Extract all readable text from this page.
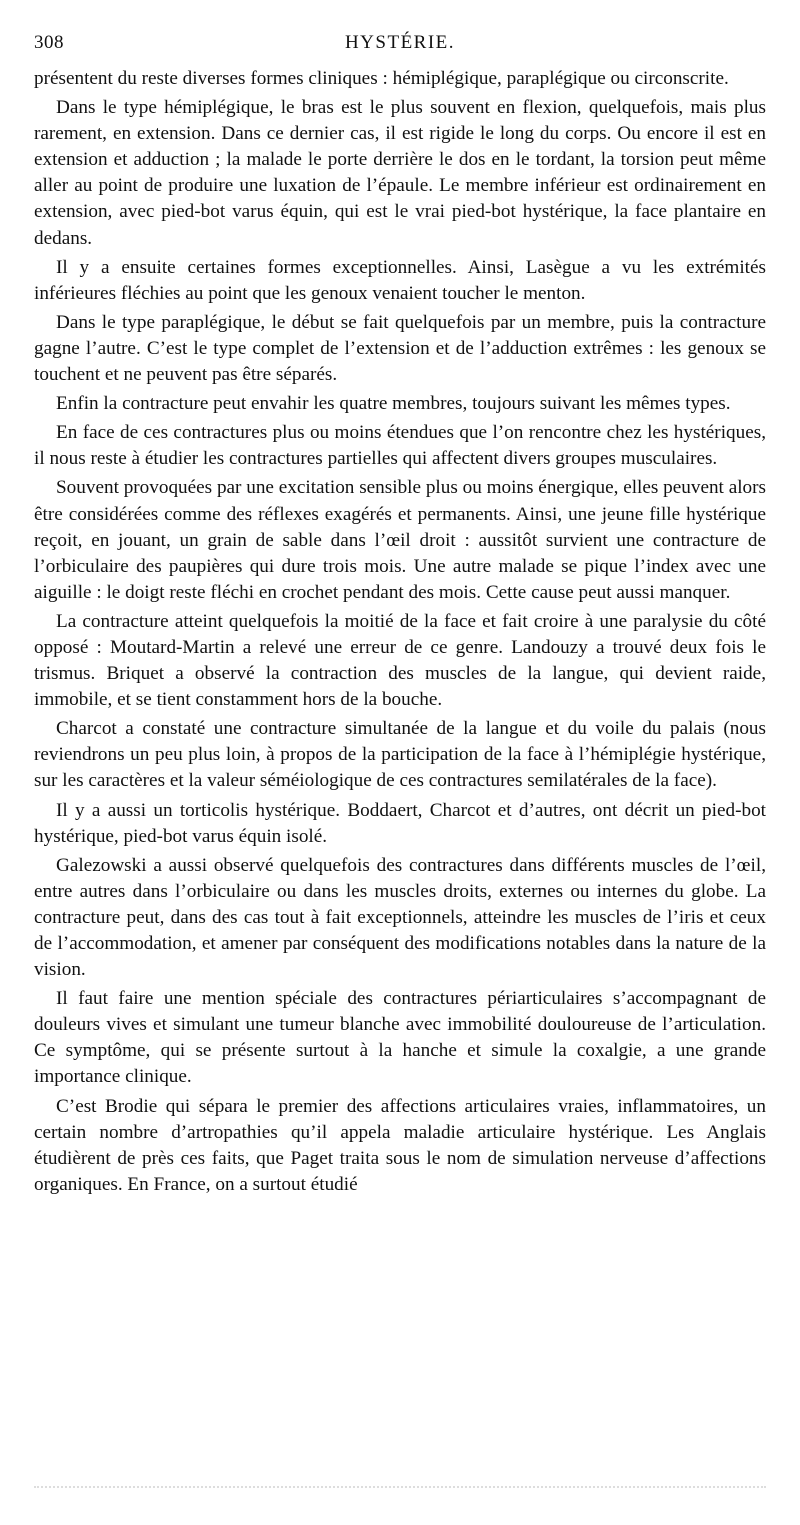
308	HYSTÉRIE.

présentent du reste diverses formes cliniques : hémiplégique, paraplégique ou circonscrite.

Dans le type hémiplégique, le bras est le plus souvent en flexion, quelquefois, mais plus rarement, en extension. Dans ce dernier cas, il est rigide le long du corps. Ou encore il est en extension et adduction ; la malade le porte derrière le dos en le tordant, la torsion peut même aller au point de produire une luxation de l’épaule. Le membre inférieur est ordinairement en extension, avec pied-bot varus équin, qui est le vrai pied-bot hystérique, la face plantaire en dedans.

Il y a ensuite certaines formes exceptionnelles. Ainsi, Lasègue a vu les extrémités inférieures fléchies au point que les genoux venaient toucher le menton.

Dans le type paraplégique, le début se fait quelquefois par un membre, puis la contracture gagne l’autre. C’est le type complet de l’extension et de l’adduction extrêmes : les genoux se touchent et ne peuvent pas être séparés.

Enfin la contracture peut envahir les quatre membres, toujours suivant les mêmes types.

En face de ces contractures plus ou moins étendues que l’on rencontre chez les hystériques, il nous reste à étudier les contractures partielles qui affectent divers groupes musculaires.

Souvent provoquées par une excitation sensible plus ou moins énergique, elles peuvent alors être considérées comme des réflexes exagérés et permanents. Ainsi, une jeune fille hystérique reçoit, en jouant, un grain de sable dans l’œil droit : aussitôt survient une contracture de l’orbiculaire des paupières qui dure trois mois. Une autre malade se pique l’index avec une aiguille : le doigt reste fléchi en crochet pendant des mois. Cette cause peut aussi manquer.

La contracture atteint quelquefois la moitié de la face et fait croire à une paralysie du côté opposé : Moutard-Martin a relevé une erreur de ce genre. Landouzy a trouvé deux fois le trismus. Briquet a observé la contraction des muscles de la langue, qui devient raide, immobile, et se tient constamment hors de la bouche.

Charcot a constaté une contracture simultanée de la langue et du voile du palais (nous reviendrons un peu plus loin, à propos de la participation de la face à l’hémiplégie hystérique, sur les caractères et la valeur séméiologique de ces contractures semilatérales de la face).

Il y a aussi un torticolis hystérique. Boddaert, Charcot et d’autres, ont décrit un pied-bot hystérique, pied-bot varus équin isolé.

Galezowski a aussi observé quelquefois des contractures dans différents muscles de l’œil, entre autres dans l’orbiculaire ou dans les muscles droits, externes ou internes du globe. La contracture peut, dans des cas tout à fait exceptionnels, atteindre les muscles de l’iris et ceux de l’accommodation, et amener par conséquent des modifications notables dans la nature de la vision.

Il faut faire une mention spéciale des contractures périarticulaires s’accompagnant de douleurs vives et simulant une tumeur blanche avec immobilité douloureuse de l’articulation. Ce symptôme, qui se présente surtout à la hanche et simule la coxalgie, a une grande importance clinique.

C’est Brodie qui sépara le premier des affections articulaires vraies, inflammatoires, un certain nombre d’artropathies qu’il appela maladie articulaire hystérique. Les Anglais étudièrent de près ces faits, que Paget traita sous le nom de simulation nerveuse d’affections organiques. En France, on a surtout étudié
